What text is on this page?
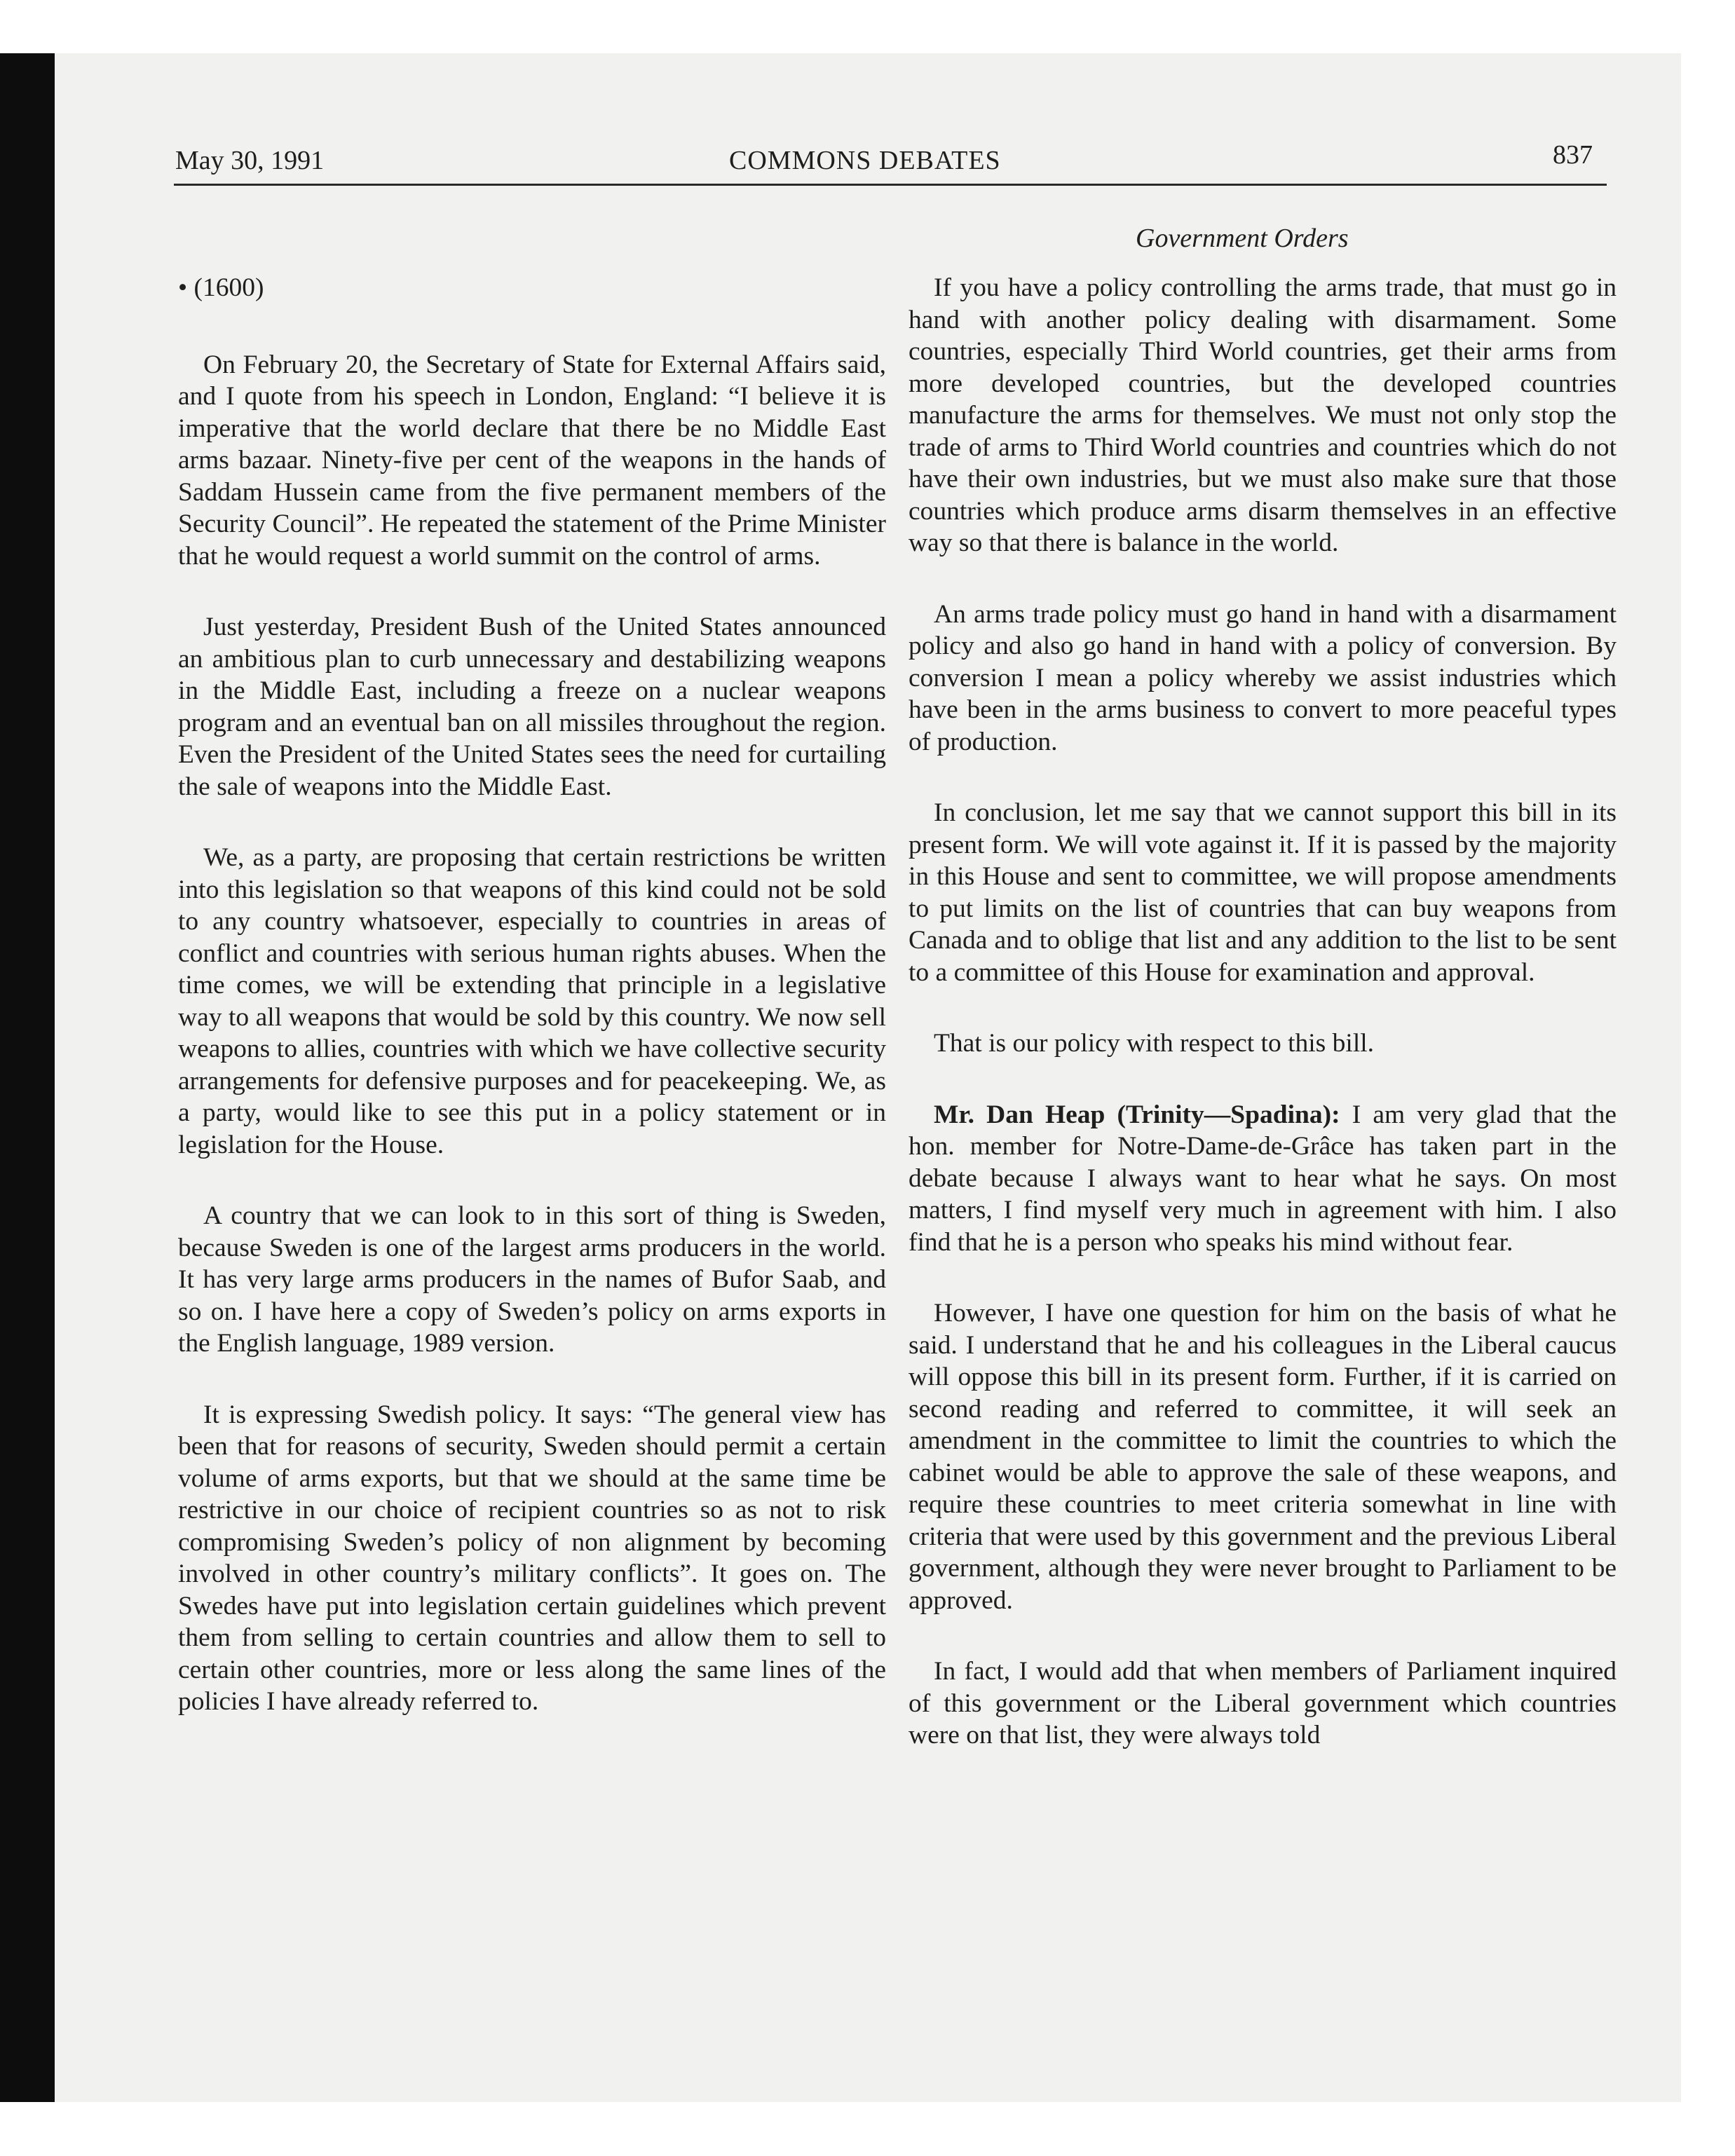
May 30, 1991	COMMONS DEBATES	837
Government Orders

• (1600)

On February 20, the Secretary of State for External Affairs said, and I quote from his speech in London, England: “I believe it is imperative that the world declare that there be no Middle East arms bazaar. Ninety-five per cent of the weapons in the hands of Saddam Hussein came from the five permanent members of the Security Council”. He repeated the statement of the Prime Minister that he would request a world summit on the control of arms.

Just yesterday, President Bush of the United States announced an ambitious plan to curb unnecessary and destabilizing weapons in the Middle East, including a freeze on a nuclear weapons program and an eventual ban on all missiles throughout the region. Even the President of the United States sees the need for curtailing the sale of weapons into the Middle East.

We, as a party, are proposing that certain restrictions be written into this legislation so that weapons of this kind could not be sold to any country whatsoever, especially to countries in areas of conflict and countries with serious human rights abuses. When the time comes, we will be extending that principle in a legislative way to all weapons that would be sold by this country. We now sell weapons to allies, countries with which we have collective security arrangements for defensive purposes and for peacekeeping. We, as a party, would like to see this put in a policy statement or in legislation for the House.

A country that we can look to in this sort of thing is Sweden, because Sweden is one of the largest arms producers in the world. It has very large arms producers in the names of Bufor Saab, and so on. I have here a copy of Sweden’s policy on arms exports in the English language, 1989 version.

It is expressing Swedish policy. It says: “The general view has been that for reasons of security, Sweden should permit a certain volume of arms exports, but that we should at the same time be restrictive in our choice of recipient countries so as not to risk compromising Sweden’s policy of non alignment by becoming involved in other country’s military conflicts”. It goes on. The Swedes have put into legislation certain guidelines which prevent them from selling to certain countries and allow them to sell to certain other countries, more or less along the same lines of the policies I have already referred to.

If you have a policy controlling the arms trade, that must go in hand with another policy dealing with disarmament. Some countries, especially Third World countries, get their arms from more developed countries, but the developed countries manufacture the arms for themselves. We must not only stop the trade of arms to Third World countries and countries which do not have their own industries, but we must also make sure that those countries which produce arms disarm themselves in an effective way so that there is balance in the world.

An arms trade policy must go hand in hand with a disarmament policy and also go hand in hand with a policy of conversion. By conversion I mean a policy whereby we assist industries which have been in the arms business to convert to more peaceful types of production.

In conclusion, let me say that we cannot support this bill in its present form. We will vote against it. If it is passed by the majority in this House and sent to committee, we will propose amendments to put limits on the list of countries that can buy weapons from Canada and to oblige that list and any addition to the list to be sent to a committee of this House for examination and approval.

That is our policy with respect to this bill.

Mr. Dan Heap (Trinity—Spadina): I am very glad that the hon. member for Notre-Dame-de-Grâce has taken part in the debate because I always want to hear what he says. On most matters, I find myself very much in agreement with him. I also find that he is a person who speaks his mind without fear.

However, I have one question for him on the basis of what he said. I understand that he and his colleagues in the Liberal caucus will oppose this bill in its present form. Further, if it is carried on second reading and referred to committee, it will seek an amendment in the committee to limit the countries to which the cabinet would be able to approve the sale of these weapons, and require these countries to meet criteria somewhat in line with criteria that were used by this government and the previous Liberal government, although they were never brought to Parliament to be approved.

In fact, I would add that when members of Parliament inquired of this government or the Liberal government which countries were on that list, they were always told
